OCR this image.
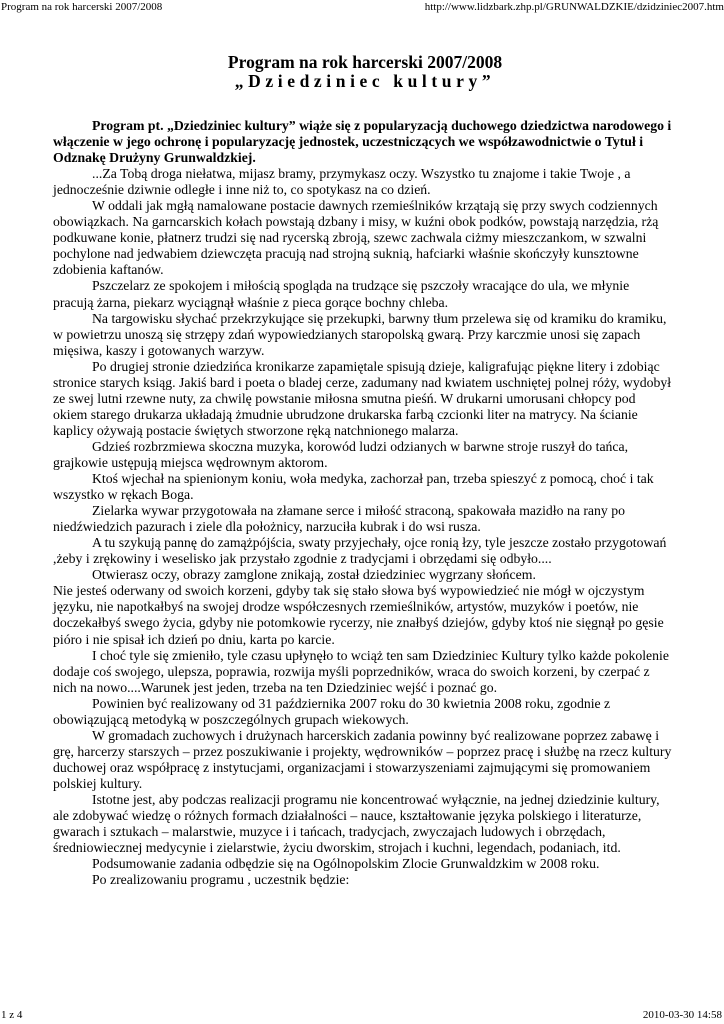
Program na rok harcerski 2007/2008	http://www.lidzbark.zhp.pl/GRUNWALDZKIE/dzidziniec2007.htm
Program na rok harcerski 2007/2008
„Dziedziniec kultury”

Program pt. „Dziedziniec kultury” wiąże się z popularyzacją duchowego dziedzictwa narodowego i włączenie w jego ochronę i popularyzację jednostek, uczestniczących we współzawodnictwie o Tytuł i Odznakę Drużyny Grunwaldzkiej.

...Za Tobą droga niełatwa, mijasz bramy, przymykasz oczy. Wszystko tu znajome i takie Twoje , a jednocześnie dziwnie odległe i inne niż to, co spotykasz na co dzień.

W oddali jak mgłą namalowane postacie dawnych rzemieślników krzątają się przy swych codziennych obowiązkach. Na garncarskich kołach powstają dzbany i misy, w kuźni obok podków, powstają narzędzia, rżą podkuwane konie, płatnerz trudzi się nad rycerską zbroją, szewc zachwala ciżmy mieszczankom, w szwalni pochylone nad jedwabiem dziewczęta pracują nad strojną suknią, hafciarki właśnie skończyły kunsztowne zdobienia kaftanów.

Pszczelarz ze spokojem i miłością spogląda na trudzące się pszczoły wracające do ula, we młynie pracują żarna, piekarz wyciągnął właśnie z pieca gorące bochny chleba.

Na targowisku słychać przekrzykujące się przekupki, barwny tłum przelewa się od kramiku do kramiku, w powietrzu unoszą się strzępy zdań wypowiedzianych staropolską gwarą. Przy karczmie unosi się zapach mięsiwa, kaszy i gotowanych warzyw.

Po drugiej stronie dziedzińca kronikarze zapamiętale spisują dzieje, kaligrafując piękne litery i zdobiąc stronice starych ksiąg. Jakiś bard i poeta o bladej cerze, zadumany nad kwiatem uschniętej polnej róży, wydobył ze swej lutni rzewne nuty, za chwilę powstanie miłosna smutna pieśń. W drukarni umorusani chłopcy pod okiem starego drukarza układają żmudnie ubrudzone drukarska farbą czcionki liter na matrycy. Na ścianie kaplicy ożywają postacie świętych stworzone ręką natchnionego malarza.

Gdzieś rozbrzmiewa skoczna muzyka, korowód ludzi odzianych w barwne stroje ruszył do tańca, grajkowie ustępują miejsca wędrownym aktorom.

Ktoś wjechał na spienionym koniu, woła medyka, zachorzał pan, trzeba spieszyć z pomocą, choć i tak wszystko w rękach Boga.

Zielarka wywar przygotowała na złamane serce i miłość straconą, spakowała mazidło na rany po niedźwiedzich pazurach i ziele dla położnicy, narzuciła kubrak i do wsi rusza.

A tu szykują pannę do zamążpójścia, swaty przyjechały, ojce ronią łzy, tyle jeszcze zostało przygotowań ,żeby i zrękowiny i weselisko jak przystało zgodnie z tradycjami i obrzędami się odbyło....

Otwierasz oczy, obrazy zamglone znikają, został dziedziniec wygrzany słońcem.

Nie jesteś oderwany od swoich korzeni, gdyby tak się stało słowa byś wypowiedzieć nie mógł w ojczystym języku, nie napotkałbyś na swojej drodze współczesnych rzemieślników, artystów, muzyków i poetów, nie doczekałbyś swego życia, gdyby nie potomkowie rycerzy, nie znałbyś dziejów, gdyby ktoś nie sięgnął po gęsie pióro i nie spisał ich dzień po dniu, karta po karcie.

I choć tyle się zmieniło, tyle czasu upłynęło to wciąż ten sam Dziedziniec Kultury tylko każde pokolenie dodaje coś swojego, ulepsza, poprawia, rozwija myśli poprzedników, wraca do swoich korzeni, by czerpać z nich na nowo....Warunek jest jeden, trzeba na ten Dziedziniec wejść i poznać go.

Powinien być realizowany od 31 października 2007 roku do 30 kwietnia 2008 roku, zgodnie z obowiązującą metodyką w poszczególnych grupach wiekowych.

W gromadach zuchowych i drużynach harcerskich zadania powinny być realizowane poprzez zabawę i grę, harcerzy starszych – przez poszukiwanie i projekty, wędrowników – poprzez pracę i służbę na rzecz kultury duchowej oraz współpracę z instytucjami, organizacjami i stowarzyszeniami zajmującymi się promowaniem polskiej kultury.

Istotne jest, aby podczas realizacji programu nie koncentrować wyłącznie, na jednej dziedzinie kultury, ale zdobywać wiedzę o różnych formach działalności – nauce, kształtowanie języka polskiego i literaturze, gwarach i sztukach – malarstwie, muzyce i i tańcach, tradycjach, zwyczajach ludowych i obrzędach, średniowiecznej medycynie i zielarstwie, życiu dworskim, strojach i kuchni, legendach, podaniach, itd.

Podsumowanie zadania odbędzie się na Ogólnopolskim Zlocie Grunwaldzkim w 2008 roku.

Po zrealizowaniu programu , uczestnik będzie:

1 z 4	2010-03-30 14:58
